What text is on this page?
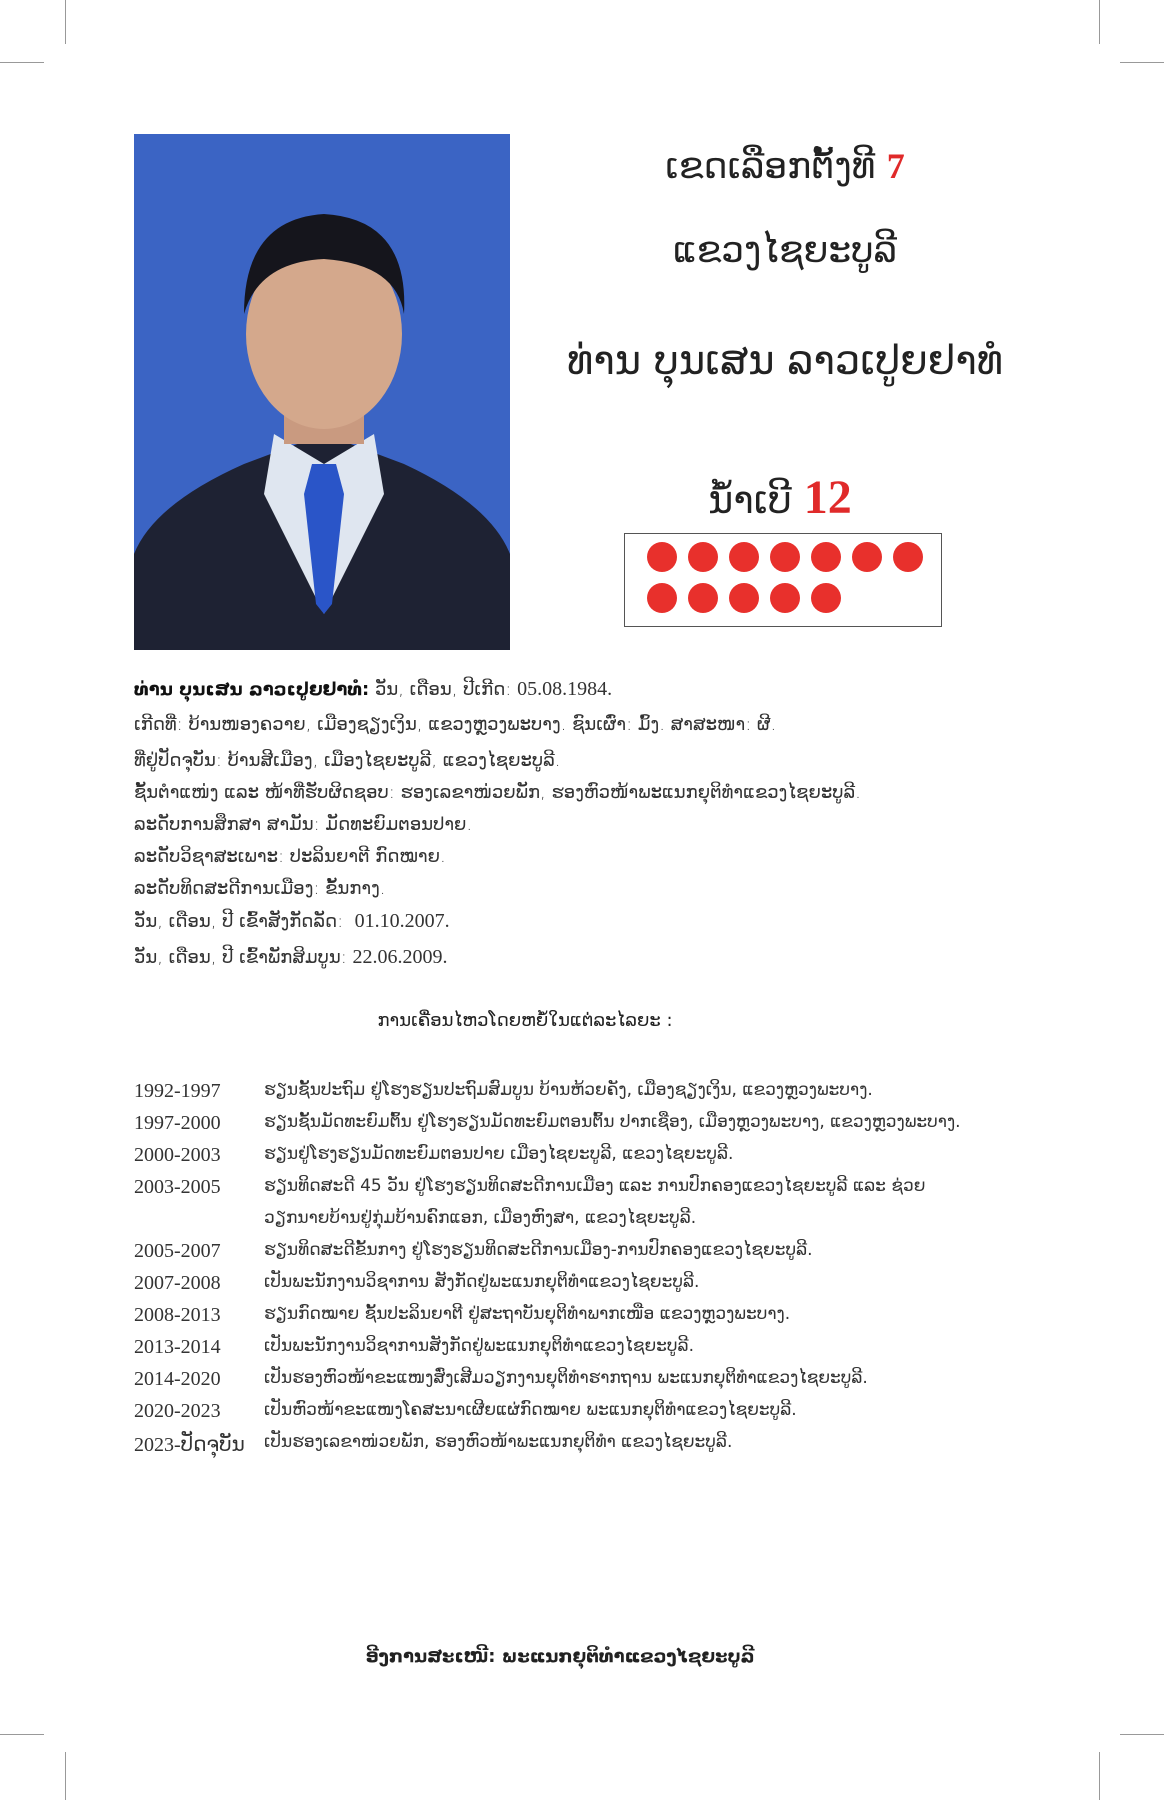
ເຂດເລືອກຕັ້ງທີ 7
ແຂວງໄຊຍະບູລີ
ທ່ານ ບຸນເສນ ລາວເປູຍຢາທໍ
ນ້ຳເບີ 12
ທ່ານ ບຸນເສນ ລາວເປູຍຢາທໍ: ວັນ, ເດືອນ, ປີເກີດ: 05.08.1984.
ເກີດທີ່: ບ້ານໜອງຄວາຍ, ເມືອງຊຽງເງິນ, ແຂວງຫຼວງພະບາງ. ຊົນເຜົ່າ: ມົ້ງ. ສາສະໜາ: ຜີ.
ທີ່ຢູ່ປັດຈຸບັນ: ບ້ານສີເມືອງ, ເມືອງໄຊຍະບູລີ, ແຂວງໄຊຍະບູລີ.
ຊັ້ນຕຳແໜ່ງ ແລະ ໜ້າທີ່ຮັບຜິດຊອບ: ຮອງເລຂາໜ່ວຍພັກ, ຮອງຫົວໜ້າພະແນກຍຸຕິທຳແຂວງໄຊຍະບູລີ.
ລະດັບການສຶກສາ ສາມັນ: ມັດທະຍົມຕອນປາຍ.
ລະດັບວິຊາສະເພາະ: ປະລິນຍາຕີ ກົດໝາຍ.
ລະດັບທິດສະດີການເມືອງ: ຂັ້ນກາງ.
ວັນ, ເດືອນ, ປີ ເຂົ້າສັງກັດລັດ: 01.10.2007.
ວັນ, ເດືອນ, ປີ ເຂົ້າພັກສິມບູນ: 22.06.2009.
ການເຄື່ອນໄຫວໂດຍຫຍໍ້ໃນແຕ່ລະໄລຍະ :
1992-1997	ຮຽນຊັ້ນປະຖົມ ຢູ່ໂຮງຮຽນປະຖົມສົມບູນ ບ້ານຫ້ວຍຄັງ, ເມືອງຊຽງເງິນ, ແຂວງຫຼວງພະບາງ.
1997-2000	ຮຽນຊັ້ນມັດທະຍົມຕົ້ນ ຢູ່ໂຮງຮຽນມັດທະຍົມຕອນຕົ້ນ ປາກເຊືອງ, ເມືອງຫຼວງພະບາງ, ແຂວງຫຼວງພະບາງ.
2000-2003	ຮຽນຢູ່ໂຮງຮຽນມັດທະຍົມຕອນປາຍ ເມືອງໄຊຍະບູລີ, ແຂວງໄຊຍະບູລີ.
2003-2005	ຮຽນທິດສະດີ 45 ວັນ ຢູ່ໂຮງຮຽນທິດສະດີການເມືອງ ແລະ ການປົກຄອງແຂວງໄຊຍະບູລີ ແລະ ຊ່ວຍ
ວຽກນາຍບ້ານຢູ່ກຸ່ມບ້ານຄົກແອກ, ເມືອງຫົງສາ, ແຂວງໄຊຍະບູລີ.
2005-2007	ຮຽນທິດສະດີຂັ້ນກາງ ຢູ່ໂຮງຮຽນທິດສະດີການເມືອງ-ການປົກຄອງແຂວງໄຊຍະບູລີ.
2007-2008	ເປັນພະນັກງານວິຊາການ ສັງກັດຢູ່ພະແນກຍຸຕິທຳແຂວງໄຊຍະບູລີ.
2008-2013	ຮຽນກົດໝາຍ ຊັ້ນປະລິນຍາຕີ ຢູ່ສະຖາບັນຍຸຕິທຳພາກເໜືອ ແຂວງຫຼວງພະບາງ.
2013-2014	ເປັນພະນັກງານວິຊາການສັງກັດຢູ່ພະແນກຍຸຕິທຳແຂວງໄຊຍະບູລີ.
2014-2020	ເປັນຮອງຫົວໜ້າຂະແໜງສົ່ງເສີມວຽກງານຍຸຕິທຳຮາກຖານ ພະແນກຍຸຕິທຳແຂວງໄຊຍະບູລີ.
2020-2023	ເປັນຫົວໜ້າຂະແໜງໂຄສະນາເຜີຍແຜ່ກົດໝາຍ ພະແນກຍຸຕິທຳແຂວງໄຊຍະບູລີ.
2023-ປັດຈຸບັນ	ເປັນຮອງເລຂາໜ່ວຍພັກ, ຮອງຫົວໜ້າພະແນກຍຸຕິທຳ ແຂວງໄຊຍະບູລີ.
ອີງການສະເໜີ: ພະແນກຍຸຕິທຳແຂວງໄຊຍະບູລີ
